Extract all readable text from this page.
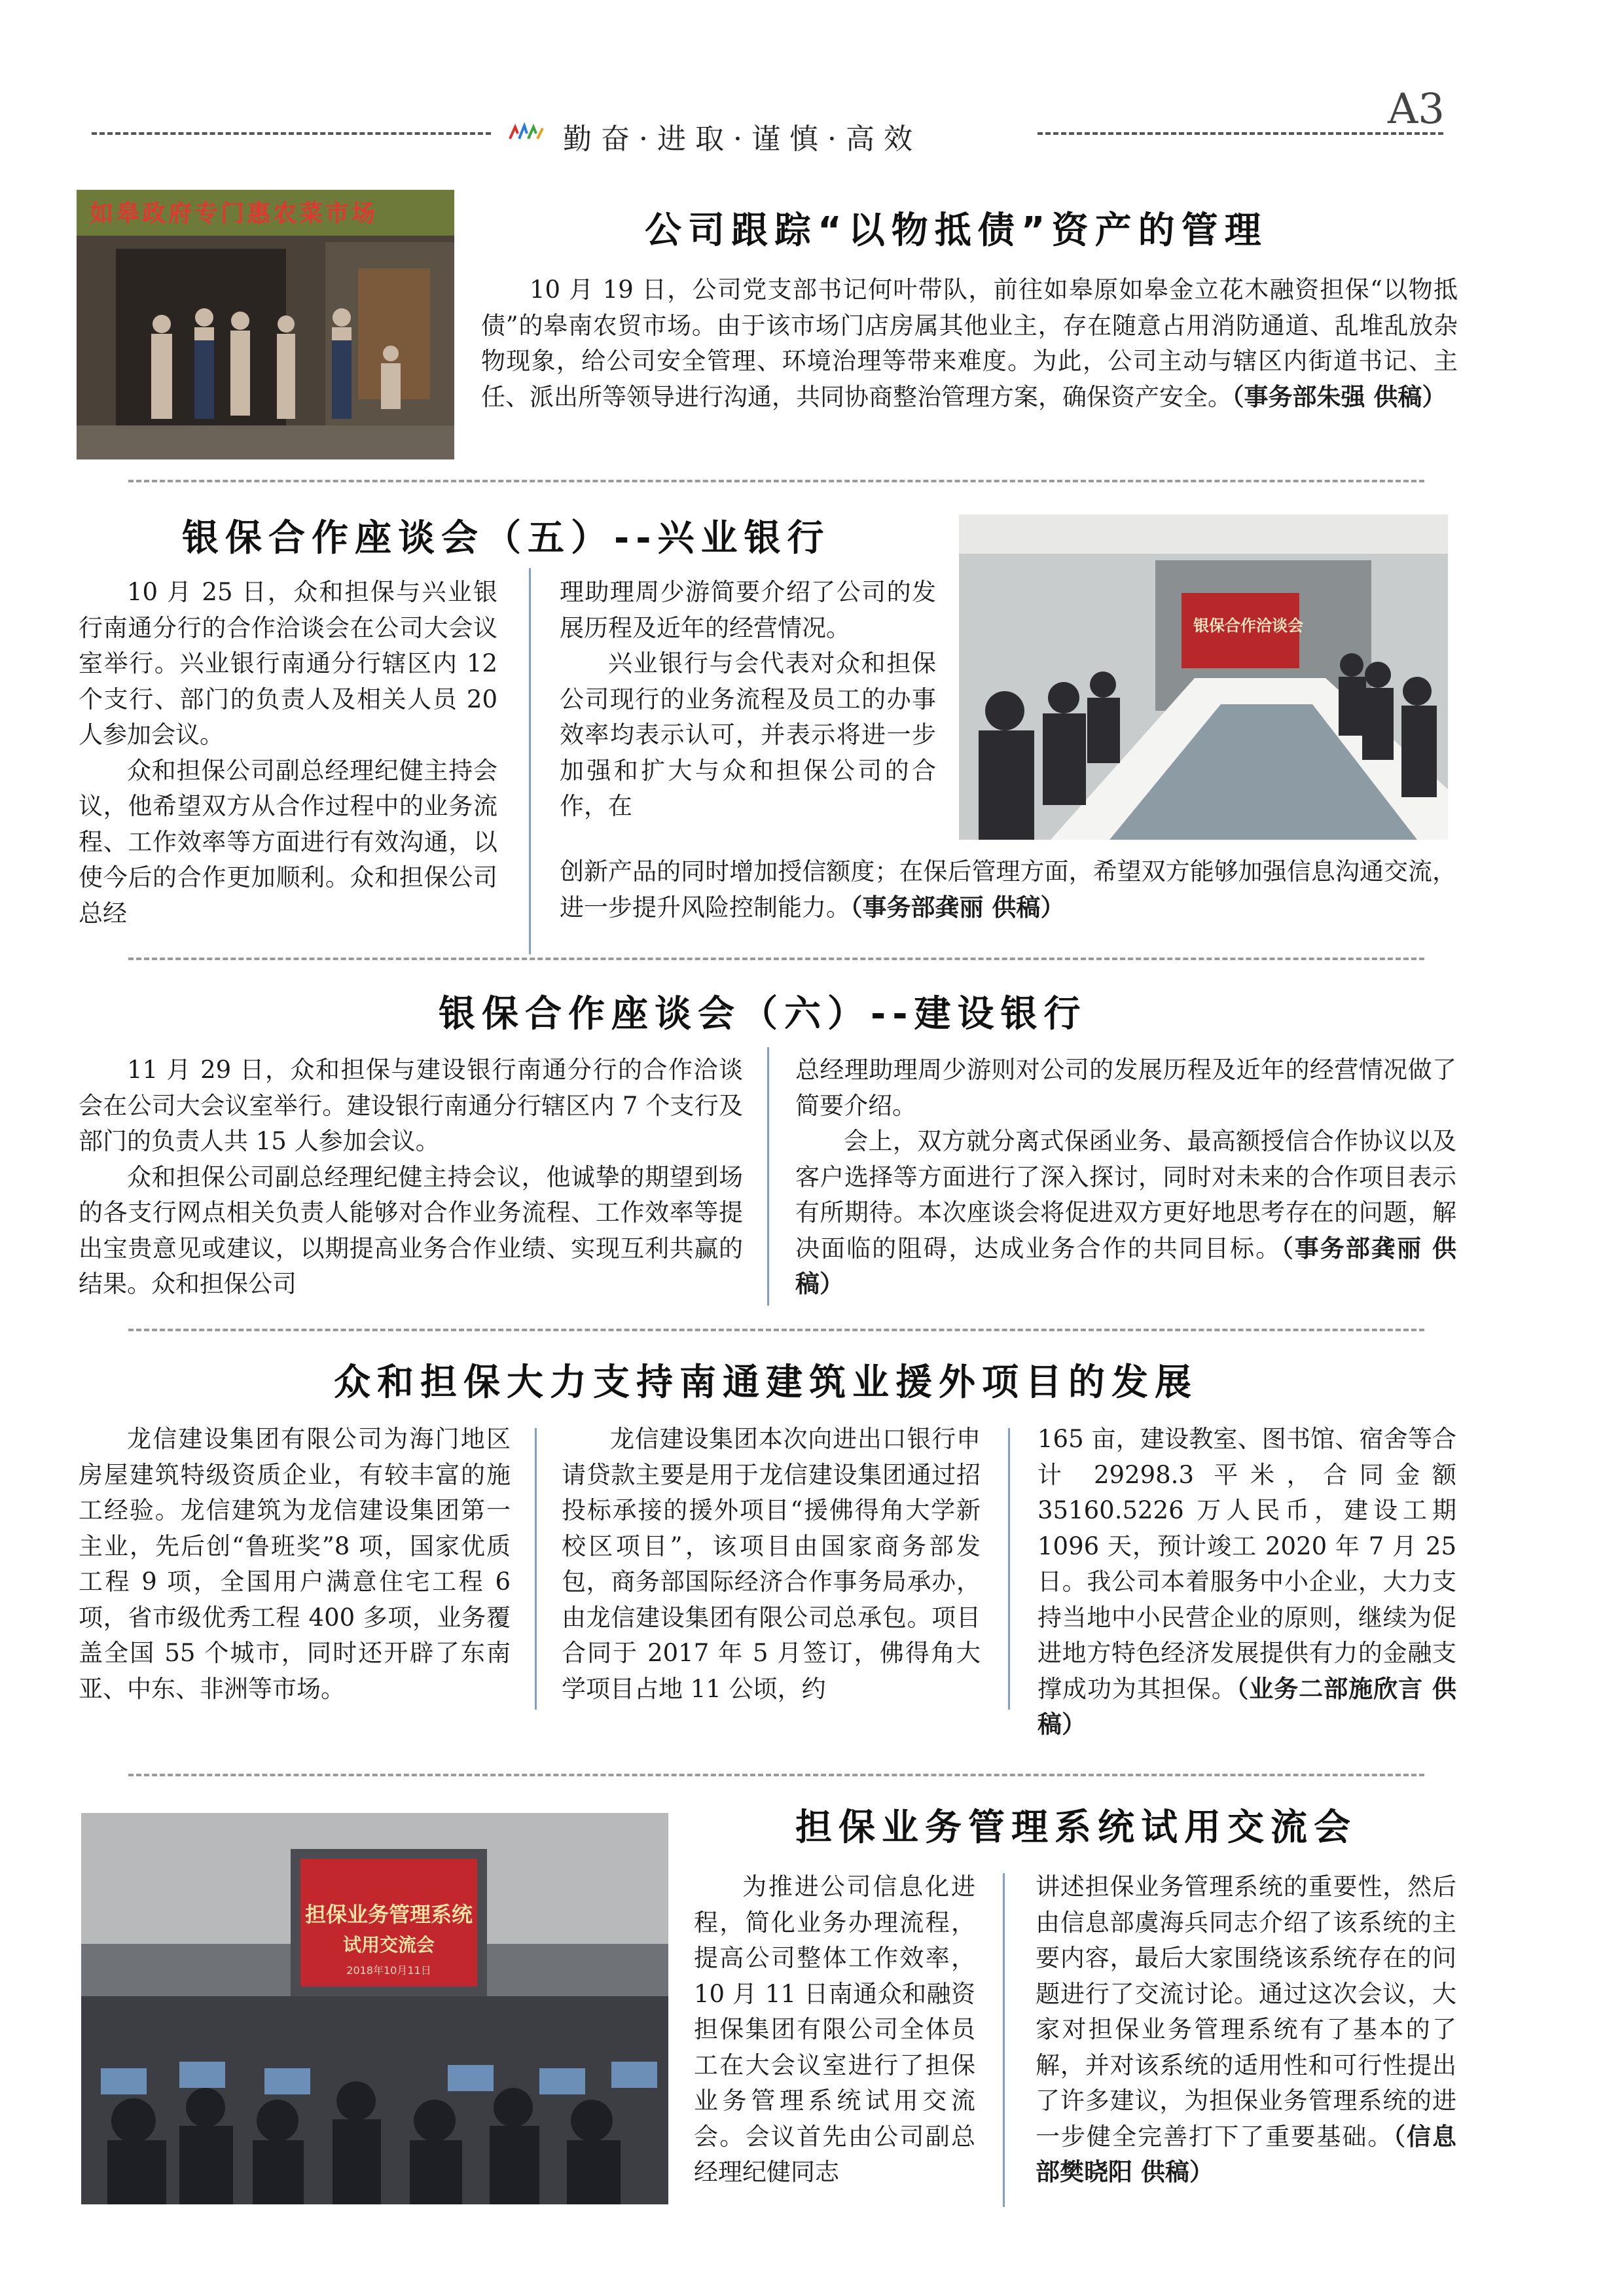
勤奋·进取·谨慎·高效
A3
如皋政府专门惠农菜市场	公司跟踪“以物抵债”资产的管理

10 月 19 日，公司党支部书记何叶带队，前往如皋原如皋金立花木融资担保“以物抵债”的皋南农贸市场。由于该市场门店房属其他业主，存在随意占用消防通道、乱堆乱放杂物现象，给公司安全管理、环境治理等带来难度。为此，公司主动与辖区内街道书记、主任、派出所等领导进行沟通，共同协商整治管理方案，确保资产安全。（事务部朱强 供稿）

银保合作座谈会（五）--兴业银行

10 月 25 日，众和担保与兴业银行南通分行的合作洽谈会在公司大会议室举行。兴业银行南通分行辖区内 12 个支行、部门的负责人及相关人员 20 人参加会议。

众和担保公司副总经理纪健主持会议，他希望双方从合作过程中的业务流程、工作效率等方面进行有效沟通，以使今后的合作更加顺利。众和担保公司总经

理助理周少游简要介绍了公司的发展历程及近年的经营情况。

兴业银行与会代表对众和担保公司现行的业务流程及员工的办事效率均表示认可，并表示将进一步加强和扩大与众和担保公司的合作，在

银保合作洽谈会

创新产品的同时增加授信额度；在保后管理方面，希望双方能够加强信息沟通交流，进一步提升风险控制能力。（事务部龚丽 供稿）

银保合作座谈会（六）--建设银行

11 月 29 日，众和担保与建设银行南通分行的合作洽谈会在公司大会议室举行。建设银行南通分行辖区内 7 个支行及部门的负责人共 15 人参加会议。

众和担保公司副总经理纪健主持会议，他诚挚的期望到场的各支行网点相关负责人能够对合作业务流程、工作效率等提出宝贵意见或建议，以期提高业务合作业绩、实现互利共赢的结果。众和担保公司

总经理助理周少游则对公司的发展历程及近年的经营情况做了简要介绍。

会上，双方就分离式保函业务、最高额授信合作协议以及客户选择等方面进行了深入探讨，同时对未来的合作项目表示有所期待。本次座谈会将促进双方更好地思考存在的问题，解决面临的阻碍，达成业务合作的共同目标。（事务部龚丽 供稿）

众和担保大力支持南通建筑业援外项目的发展

龙信建设集团有限公司为海门地区房屋建筑特级资质企业，有较丰富的施工经验。龙信建筑为龙信建设集团第一主业，先后创“鲁班奖”8 项，国家优质工程 9 项，全国用户满意住宅工程 6 项，省市级优秀工程 400 多项，业务覆盖全国 55 个城市，同时还开辟了东南亚、中东、非洲等市场。

龙信建设集团本次向进出口银行申请贷款主要是用于龙信建设集团通过招投标承接的援外项目“援佛得角大学新校区项目”，该项目由国家商务部发包，商务部国际经济合作事务局承办，由龙信建设集团有限公司总承包。项目合同于 2017 年 5 月签订，佛得角大学项目占地 11 公顷，约

165 亩，建设教室、图书馆、宿舍等合计 29298.3 平米，合同金额 35160.5226 万人民币，建设工期 1096 天，预计竣工 2020 年 7 月 25 日。我公司本着服务中小企业，大力支持当地中小民营企业的原则，继续为促进地方特色经济发展提供有力的金融支撑成功为其担保。（业务二部施欣言 供稿）

担保业务管理系统试用交流会
担保业务管理系统
试用交流会
2018年10月11日

为推进公司信息化进程，简化业务办理流程，提高公司整体工作效率， 10 月 11 日南通众和融资担保集团有限公司全体员工在大会议室进行了担保业务管理系统试用交流会。会议首先由公司副总经理纪健同志

讲述担保业务管理系统的重要性，然后由信息部虞海兵同志介绍了该系统的主要内容，最后大家围绕该系统存在的问题进行了交流讨论。通过这次会议，大家对担保业务管理系统有了基本的了解，并对该系统的适用性和可行性提出了许多建议，为担保业务管理系统的进一步健全完善打下了重要基础。（信息部樊晓阳 供稿）
